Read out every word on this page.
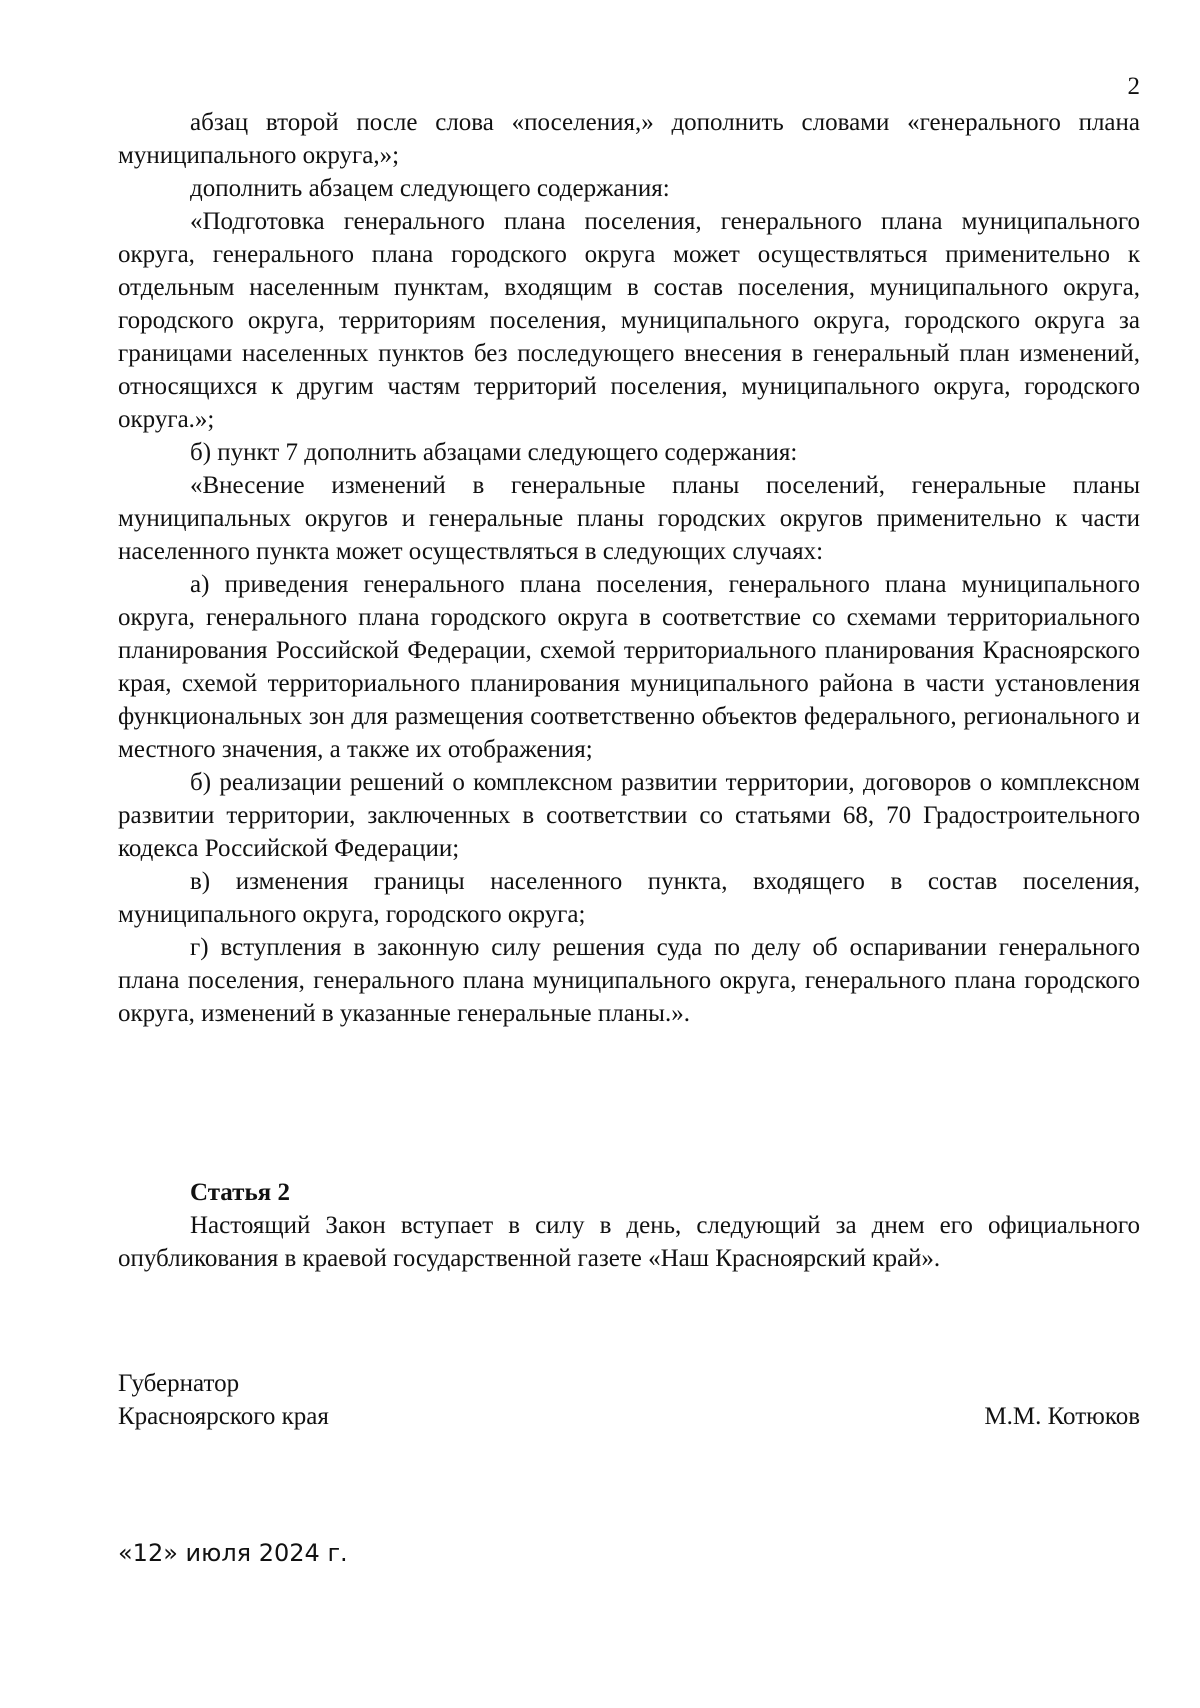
2

абзац второй после слова «поселения,» дополнить словами «генерального плана муниципального округа,»;

дополнить абзацем следующего содержания:

«Подготовка генерального плана поселения, генерального плана муниципального округа, генерального плана городского округа может осуществляться применительно к отдельным населенным пунктам, входящим в состав поселения, муниципального округа, городского округа, территориям поселения, муниципального округа, городского округа за границами населенных пунктов без последующего внесения в генеральный план изменений, относящихся к другим частям территорий поселения, муниципального округа, городского округа.»;

б) пункт 7 дополнить абзацами следующего содержания:

«Внесение изменений в генеральные планы поселений, генеральные планы муниципальных округов и генеральные планы городских округов применительно к части населенного пункта может осуществляться в следующих случаях:

а) приведения генерального плана поселения, генерального плана муниципального округа, генерального плана городского округа в соответствие со схемами территориального планирования Российской Федерации, схемой территориального планирования Красноярского края, схемой территориального планирования муниципального района в части установления функциональных зон для размещения соответственно объектов федерального, регионального и местного значения, а также их отображения;

б) реализации решений о комплексном развитии территории, договоров о комплексном развитии территории, заключенных в соответствии со статьями 68, 70 Градостроительного кодекса Российской Федерации;

в) изменения границы населенного пункта, входящего в состав поселения, муниципального округа, городского округа;

г) вступления в законную силу решения суда по делу об оспаривании генерального плана поселения, генерального плана муниципального округа, генерального плана городского округа, изменений в указанные генеральные планы.».

Статья 2

Настоящий Закон вступает в силу в день, следующий за днем его официального опубликования в краевой государственной газете «Наш Красноярский край».

Губернатор
Красноярского края	М.М. Котюков
«12» июля 2024 г.
